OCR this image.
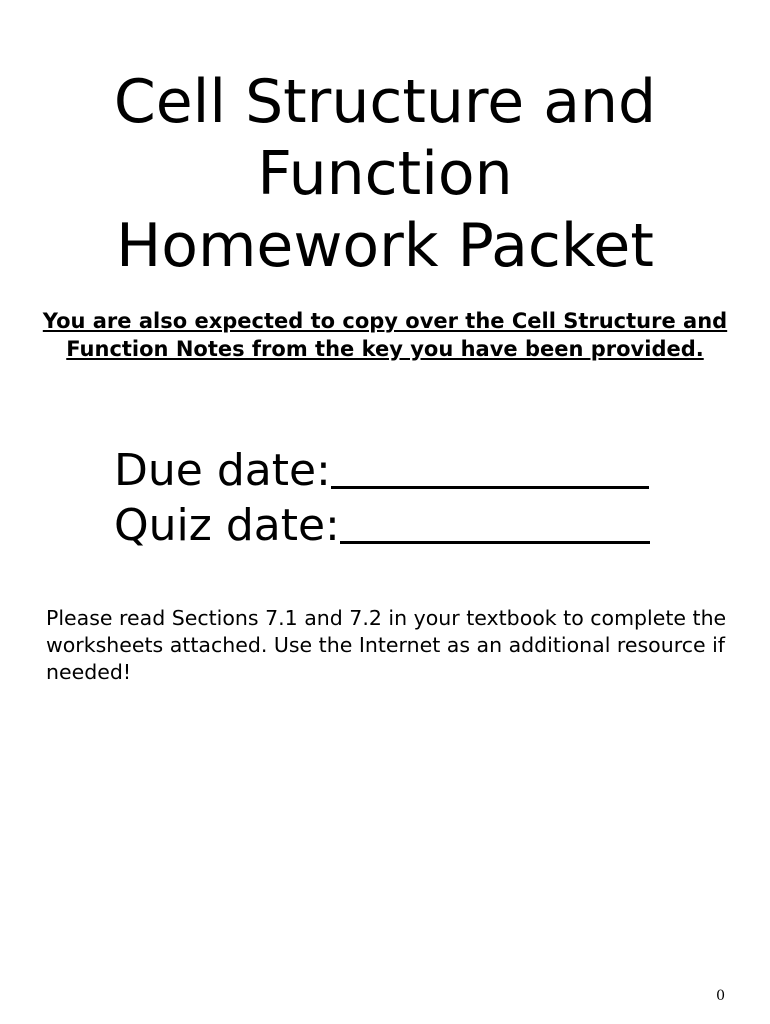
Cell Structure and
Function
Homework Packet

You are also expected to copy over the Cell Structure and Function Notes from the key you have been provided.

Due date:
Quiz date:

Please read Sections 7.1 and 7.2 in your textbook to complete the worksheets attached. Use the Internet as an additional resource if needed!

0
